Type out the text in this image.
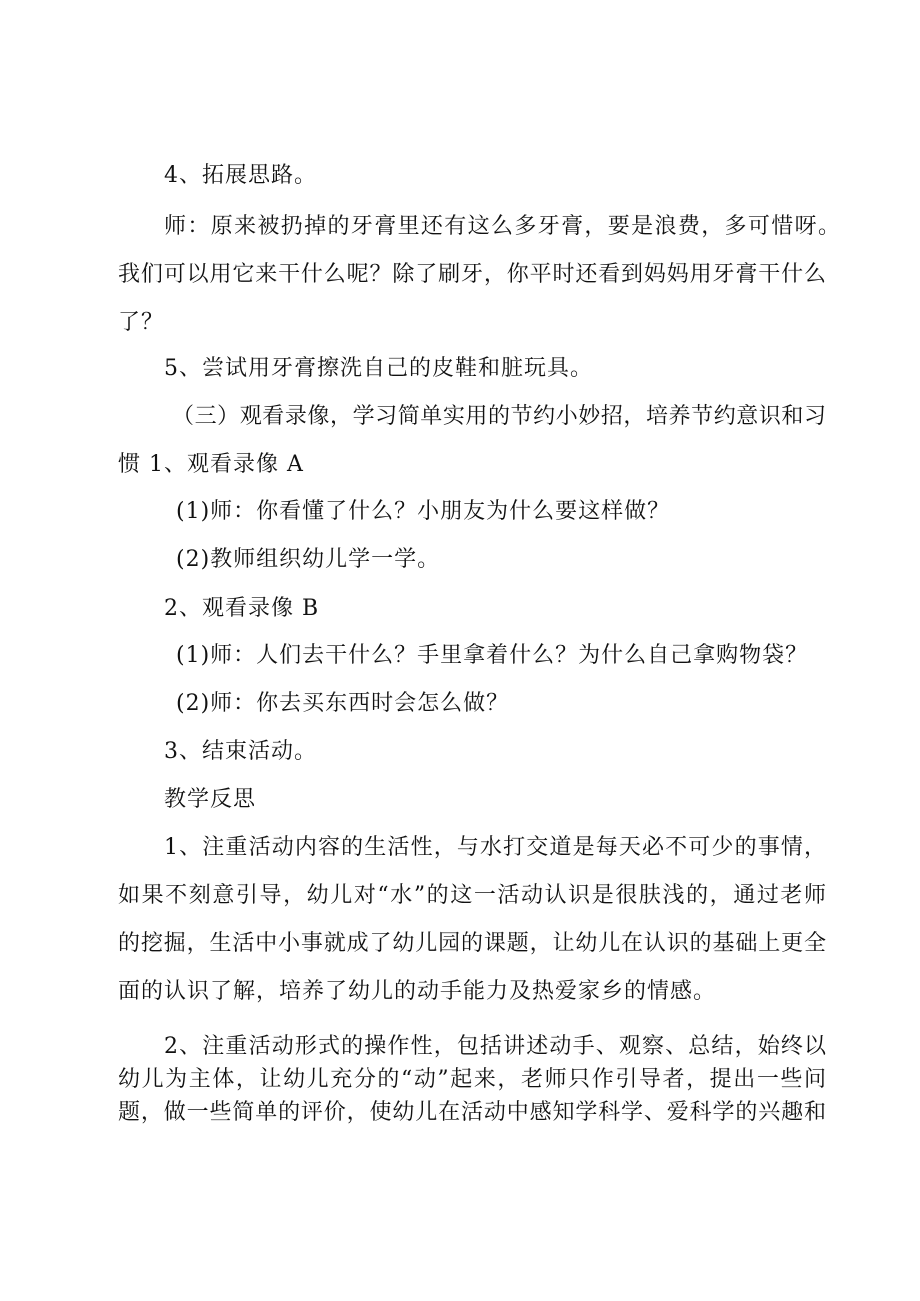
4、拓展思路。
师：原来被扔掉的牙膏里还有这么多牙膏，要是浪费，多可惜呀。
我们可以用它来干什么呢？除了刷牙，你平时还看到妈妈用牙膏干什么
了？
5、尝试用牙膏擦洗自己的皮鞋和脏玩具。
（三）观看录像，学习简单实用的节约小妙招，培养节约意识和习
惯 1、观看录像 A
(1)师：你看懂了什么？小朋友为什么要这样做？
(2)教师组织幼儿学一学。
2、观看录像 B
(1)师：人们去干什么？手里拿着什么？为什么自己拿购物袋？
(2)师：你去买东西时会怎么做？
3、结束活动。
教学反思
1、注重活动内容的生活性，与水打交道是每天必不可少的事情，
如果不刻意引导，幼儿对“水”的这一活动认识是很肤浅的，通过老师
的挖掘，生活中小事就成了幼儿园的课题，让幼儿在认识的基础上更全
面的认识了解，培养了幼儿的动手能力及热爱家乡的情感。
2、注重活动形式的操作性，包括讲述动手、观察、总结，始终以
幼儿为主体，让幼儿充分的“动”起来，老师只作引导者，提出一些问
题，做一些简单的评价，使幼儿在活动中感知学科学、爱科学的兴趣和
